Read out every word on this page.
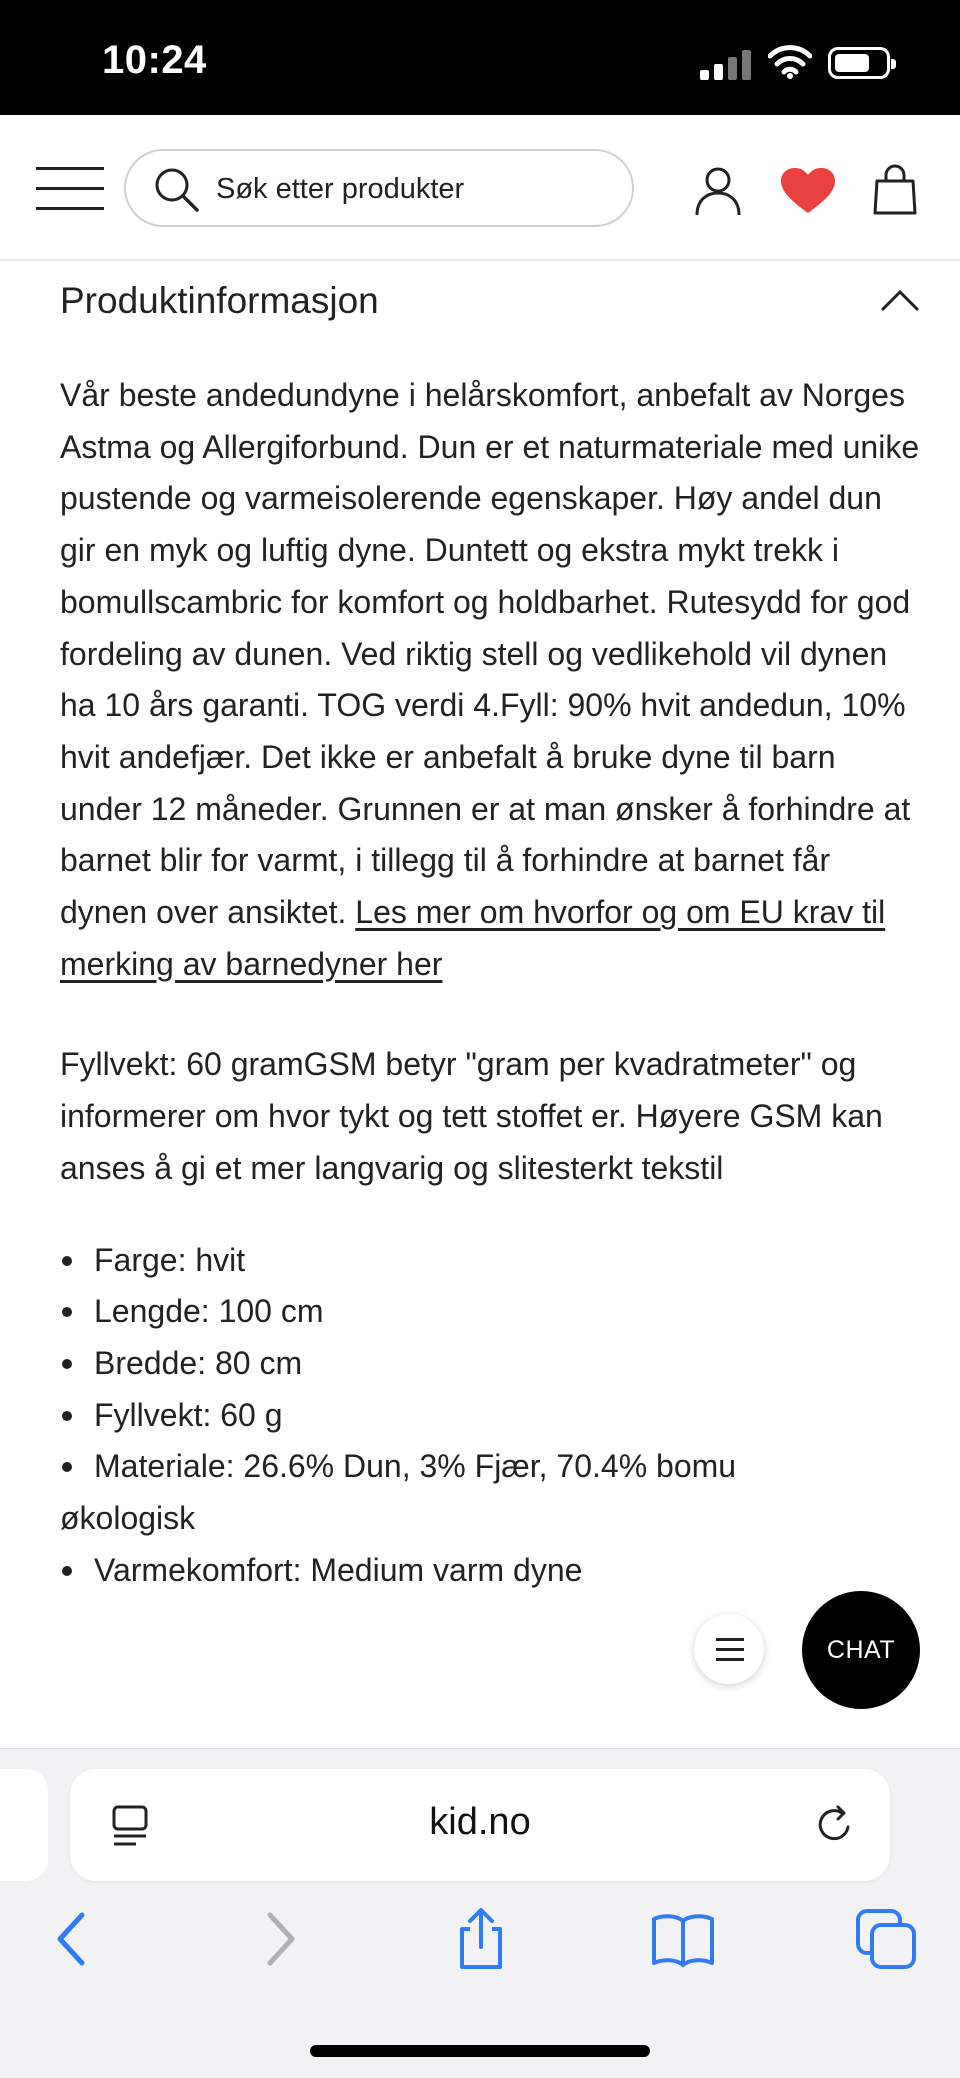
10:24
Søk etter produkter
Produktinformasjon

Vår beste andedundyne i helårskomfort, anbefalt av Norges Astma og Allergiforbund. Dun er et naturmateriale med unike pustende og varmeisolerende egenskaper. Høy andel dun gir en myk og luftig dyne. Duntett og ekstra mykt trekk i bomullscambric for komfort og holdbarhet. Rutesydd for god fordeling av dunen. Ved riktig stell og vedlikehold vil dynen ha 10 års garanti. TOG verdi 4.Fyll: 90% hvit andedun, 10% hvit andefjær. Det ikke er anbefalt å bruke dyne til barn under 12 måneder. Grunnen er at man ønsker å forhindre at barnet blir for varmt, i tillegg til å forhindre at barnet får dynen over ansiktet. Les mer om hvorfor og om EU krav til merking av barnedyner her

Fyllvekt: 60 gramGSM betyr "gram per kvadratmeter" og informerer om hvor tykt og tett stoffet er. Høyere GSM kan anses å gi et mer langvarig og slitesterkt tekstil

Farge: hvit
Lengde: 100 cm
Bredde: 80 cm
Fyllvekt: 60 g
Materiale: 26.6% Dun, 3% Fjær, 70.4% bomu
økologisk
Varmekomfort: Medium varm dyne
CHAT
kid.no
